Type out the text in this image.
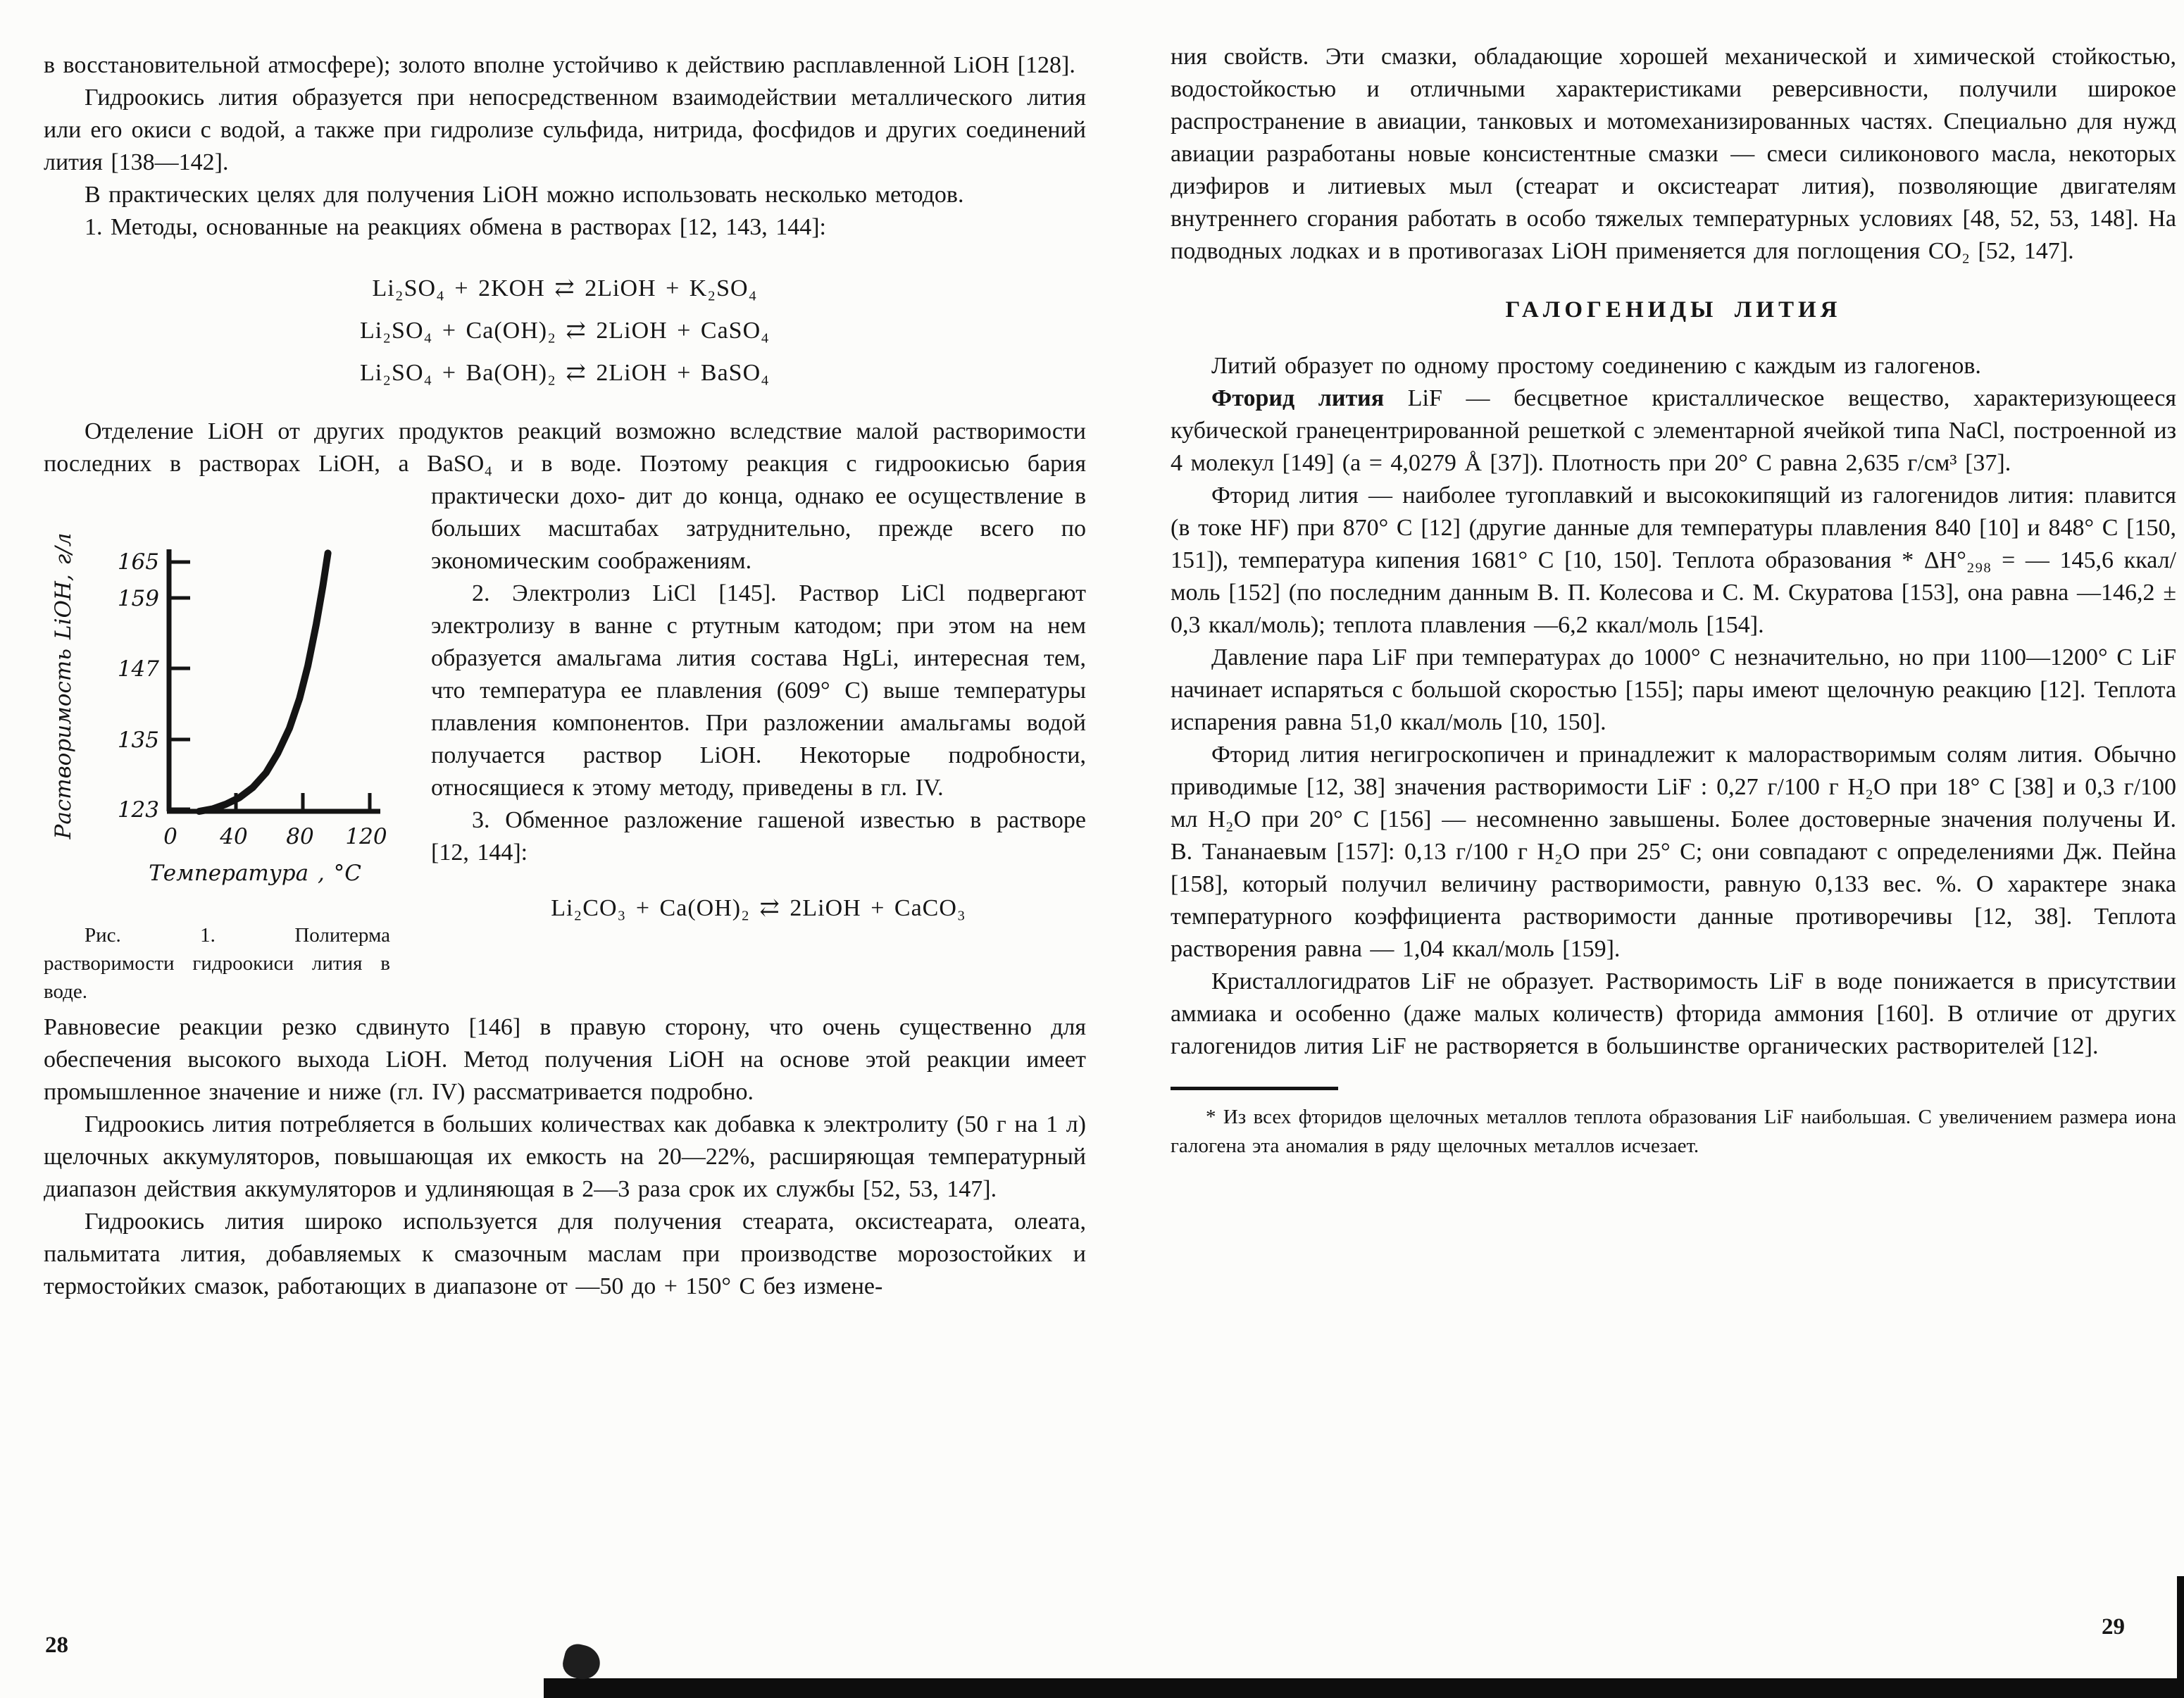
в восстановительной атмосфере); золото вполне устойчиво к действию расплавленной LiOH [128].

Гидроокись лития образуется при непосредственном взаимодействии металлического лития или его окиси с водой, а также при гидролизе сульфида, нитрида, фосфидов и других соединений лития [138—142].

В практических целях для получения LiOH можно использовать несколько методов.

1. Методы, основанные на реакциях обмена в растворах [12, 143, 144]:

Li₂SO₄ + 2KOH ⇄ 2LiOH + K₂SO₄
Li₂SO₄ + Ca(OH)₂ ⇄ 2LiOH + CaSO₄
Li₂SO₄ + Ba(OH)₂ ⇄ 2LiOH + BaSO₄

Отделение LiOH от других продуктов реакций возможно вследствие малой растворимости последних в растворах LiOH, а BaSO₄ и в воде. Поэтому реакция с гидроокисью бария практически дохо-
123
135
147
159
165
0 40 80 120
Растворимость LiOH, г/л
Температура , °С
Рис. 1. Политерма растворимости гидроокиси лития в воде.
дит до конца, однако ее осуществление в больших масштабах затруднительно, прежде всего по экономическим соображениям.

2. Электролиз LiCl [145]. Раствор LiCl подвергают электролизу в ванне с ртутным катодом; при этом на нем образуется амальгама лития состава HgLi, интересная тем, что температура ее плавления (609° С) выше температуры плавления компонентов. При разложении амальгамы водой получается раствор LiOH. Некоторые подробности, относящиеся к этому методу, приведены в гл. IV.

3. Обменное разложение гашеной известью в растворе [12, 144]:

Li₂CO₃ + Ca(OH)₂ ⇄ 2LiOH + CaCO₃

Равновесие реакции резко сдвинуто [146] в правую сторону, что очень существенно для обеспечения высокого выхода LiOH. Метод получения LiOH на основе этой реакции имеет промышленное значение и ниже (гл. IV) рассматривается подробно.

Гидроокись лития потребляется в больших количествах как добавка к электролиту (50 г на 1 л) щелочных аккумуляторов, повышающая их емкость на 20—22%, расширяющая температурный диапазон действия аккумуляторов и удлиняющая в 2—3 раза срок их службы [52, 53, 147].

Гидроокись лития широко используется для получения стеарата, оксистеарата, олеата, пальмитата лития, добавляемых к смазочным маслам при производстве морозостойких и термостойких смазок, работающих в диапазоне от —50 до + 150° С без измене-

ния свойств. Эти смазки, обладающие хорошей механической и химической стойкостью, водостойкостью и отличными характеристиками реверсивности, получили широкое распространение в авиации, танковых и мотомеханизированных частях. Специально для нужд авиации разработаны новые консистентные смазки — смеси силиконового масла, некоторых диэфиров и литиевых мыл (стеарат и оксистеарат лития), позволяющие двигателям внутреннего сгорания работать в особо тяжелых температурных условиях [48, 52, 53, 148]. На подводных лодках и в противогазах LiOH применяется для поглощения CO₂ [52, 147].

ГАЛОГЕНИДЫ ЛИТИЯ

Литий образует по одному простому соединению с каждым из галогенов.

Фторид лития LiF — бесцветное кристаллическое вещество, характеризующееся кубической гранецентрированной решеткой с элементарной ячейкой типа NaCl, построенной из 4 молекул [149] (a = 4,0279 Å [37]). Плотность при 20° С равна 2,635 г/см³ [37].

Фторид лития — наиболее тугоплавкий и высококипящий из галогенидов лития: плавится (в токе HF) при 870° С [12] (другие данные для температуры плавления 840 [10] и 848° С [150, 151]), температура кипения 1681° С [10, 150]. Теплота образования * ΔH°₂₉₈ = — 145,6 ккал/моль [152] (по последним данным В. П. Колесова и С. М. Скуратова [153], она равна —146,2 ± 0,3 ккал/моль); теплота плавления —6,2 ккал/моль [154].

Давление пара LiF при температурах до 1000° С незначительно, но при 1100—1200° С LiF начинает испаряться с большой скоростью [155]; пары имеют щелочную реакцию [12]. Теплота испарения равна 51,0 ккал/моль [10, 150].

Фторид лития негигроскопичен и принадлежит к малорастворимым солям лития. Обычно приводимые [12, 38] значения растворимости LiF : 0,27 г/100 г H₂O при 18° С [38] и 0,3 г/100 мл H₂O при 20° С [156] — несомненно завышены. Более достоверные значения получены И. В. Тананаевым [157]: 0,13 г/100 г H₂O при 25° С; они совпадают с определениями Дж. Пейна [158], который получил величину растворимости, равную 0,133 вес. %. О характере знака температурного коэффициента растворимости данные противоречивы [12, 38]. Теплота растворения равна — 1,04 ккал/моль [159].

Кристаллогидратов LiF не образует. Растворимость LiF в воде понижается в присутствии аммиака и особенно (даже малых количеств) фторида аммония [160]. В отличие от других галогенидов лития LiF не растворяется в большинстве органических растворителей [12].

* Из всех фторидов щелочных металлов теплота образования LiF наибольшая. С увеличением размера иона галогена эта аномалия в ряду щелочных металлов исчезает.

28
29
